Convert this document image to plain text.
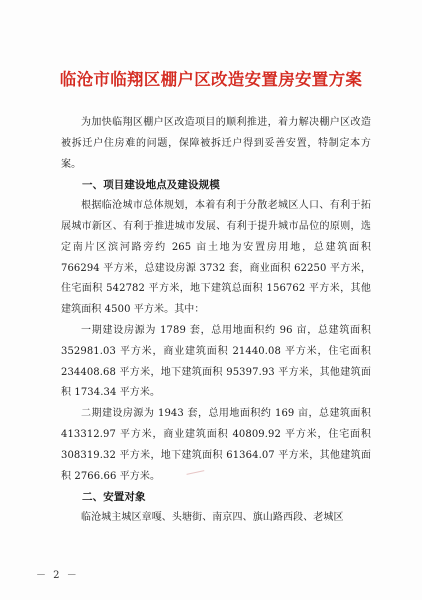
临沧市临翔区棚户区改造安置房安置方案

为加快临翔区棚户区改造项目的顺利推进，着力解决棚户区改造被拆迁户住房难的问题，保障被拆迁户得到妥善安置，特制定本方案。

一、项目建设地点及建设规模

根据临沧城市总体规划，本着有利于分散老城区人口、有利于拓展城市新区、有利于推进城市发展、有利于提升城市品位的原则，选定南片区滨河路旁约 265 亩土地为安置房用地，总建筑面积 766294 平方米，总建设房源 3732 套，商业面积 62250 平方米，住宅面积 542782 平方米，地下建筑总面积 156762 平方米，其他建筑面积 4500 平方米。其中：

一期建设房源为 1789 套，总用地面积约 96 亩，总建筑面积 352981.03 平方米，商业建筑面积 21440.08 平方米，住宅面积 234408.68 平方米，地下建筑面积 95397.93 平方米，其他建筑面积 1734.34 平方米。

二期建设房源为 1943 套，总用地面积约 169 亩，总建筑面积 413312.97 平方米，商业建筑面积 40809.92 平方米，住宅面积 308319.32 平方米，地下建筑面积 61364.07 平方米，其他建筑面积 2766.66 平方米。

二、安置对象

临沧城主城区章嘎、头塘街、南京四、旗山路西段、老城区

－ 2 －
